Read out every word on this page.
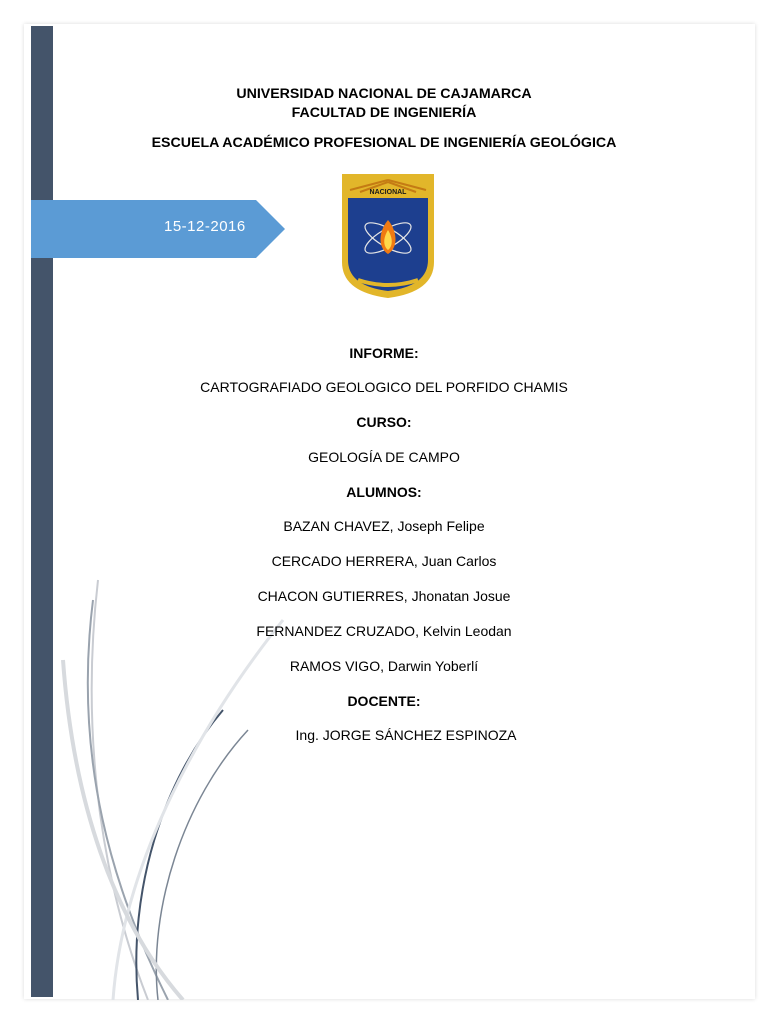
15-12-2016
UNIVERSIDAD NACIONAL DE CAJAMARCA
FACULTAD DE INGENIERÍA
ESCUELA ACADÉMICO PROFESIONAL DE INGENIERÍA GEOLÓGICA
NACIONAL
INFORME:
CARTOGRAFIADO GEOLOGICO DEL PORFIDO CHAMIS
CURSO:
GEOLOGÍA DE CAMPO
ALUMNOS:
BAZAN CHAVEZ, Joseph Felipe
CERCADO HERRERA, Juan Carlos
CHACON GUTIERRES, Jhonatan Josue
FERNANDEZ CRUZADO, Kelvin Leodan
RAMOS VIGO, Darwin Yoberlí
DOCENTE:
Ing. JORGE SÁNCHEZ ESPINOZA
